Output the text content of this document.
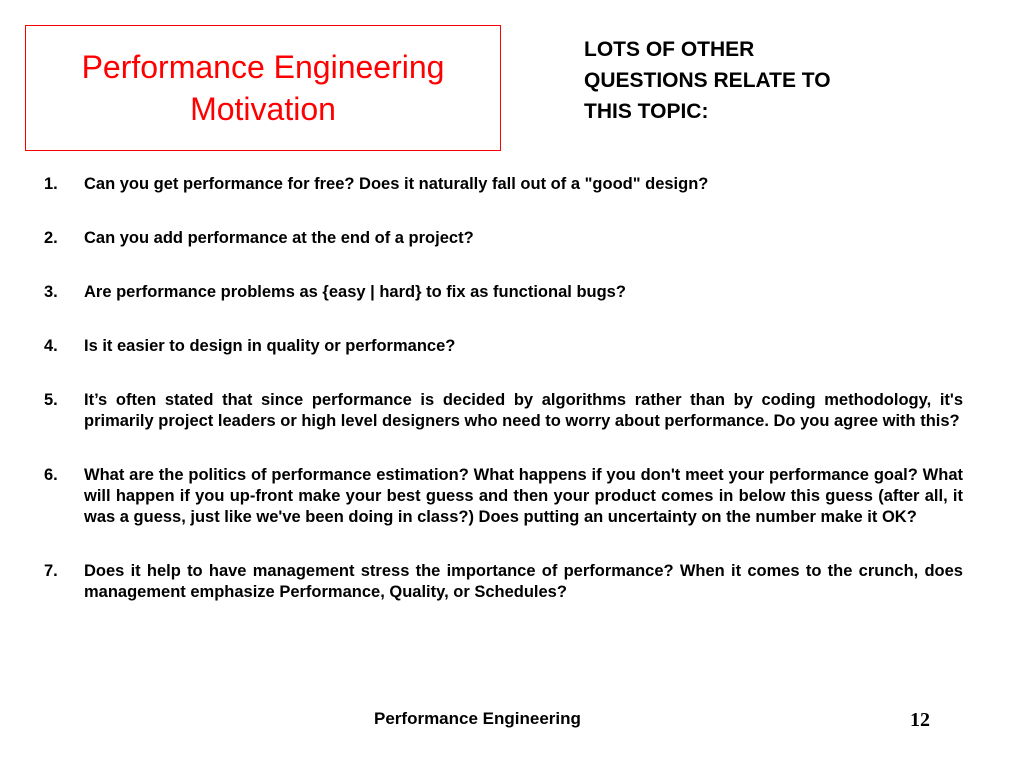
Performance Engineering
Motivation
LOTS OF OTHER
QUESTIONS RELATE TO
THIS TOPIC:
1. Can you get performance for free? Does it naturally fall out of a "good" design?
2. Can you add performance at the end of a project?
3. Are performance problems as {easy | hard} to fix as functional bugs?
4. Is it easier to design in quality or performance?
5. It’s often stated that since performance is decided by algorithms rather than by coding methodology, it's primarily project leaders or high level designers who need to worry about performance. Do you agree with this?
6. What are the politics of performance estimation? What happens if you don't meet your performance goal? What will happen if you up-front make your best guess and then your product comes in below this guess (after all, it was a guess, just like we've been doing in class?) Does putting an uncertainty on the number make it OK?
7. Does it help to have management stress the importance of performance? When it comes to the crunch, does management emphasize Performance, Quality, or Schedules?
Performance Engineering	12
